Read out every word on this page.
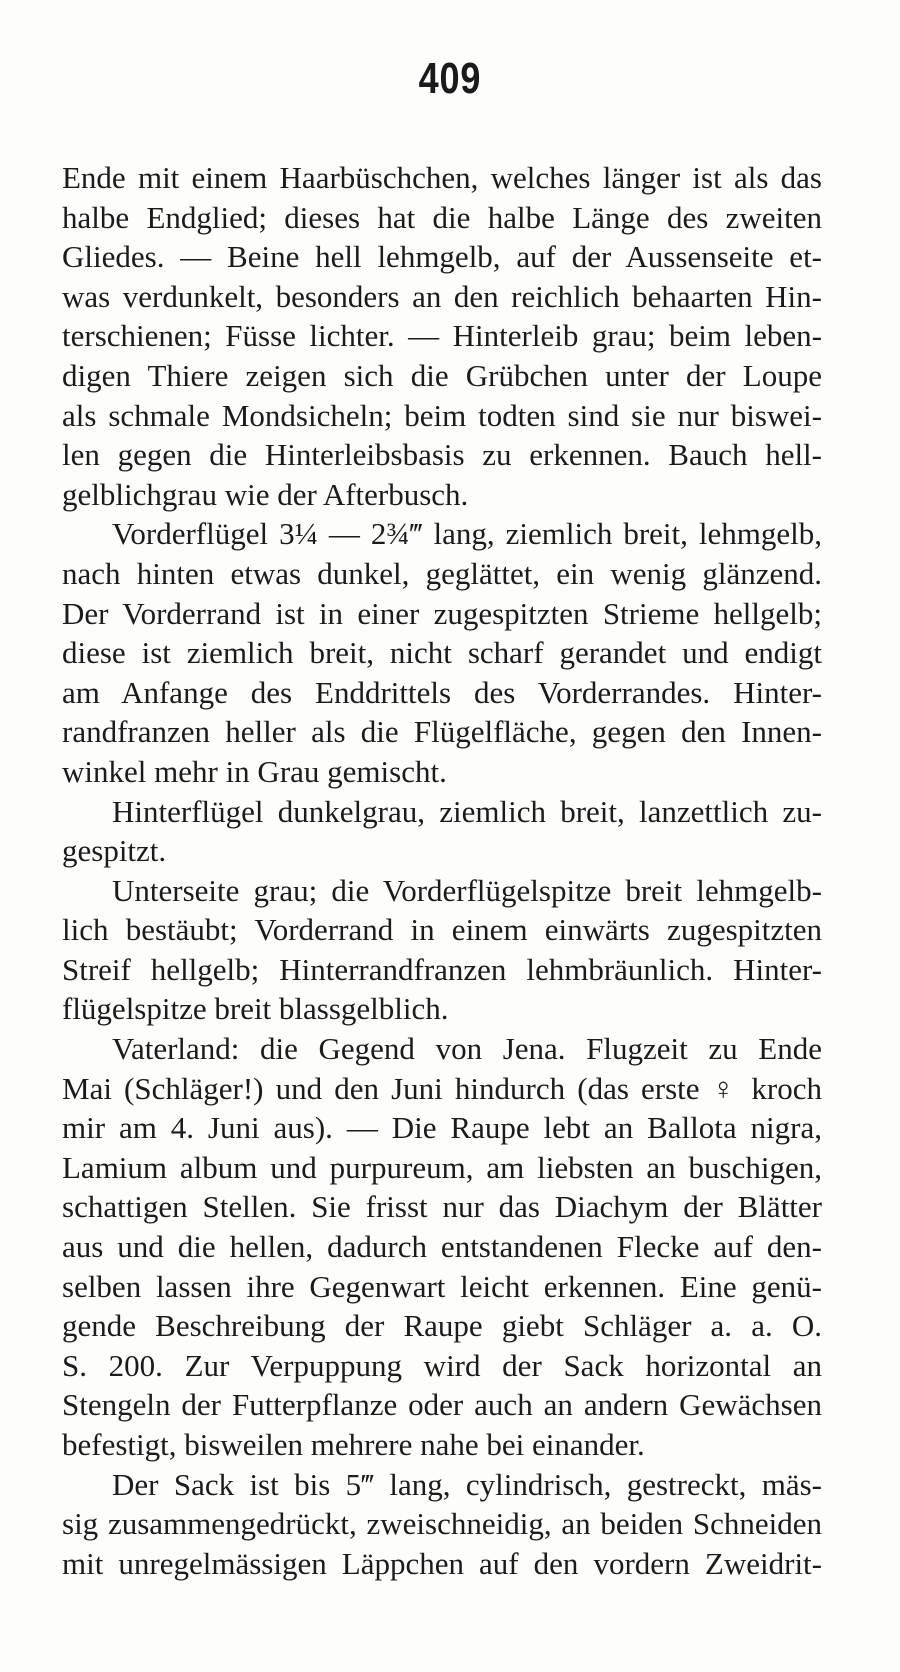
409
Ende mit einem Haarbüschchen, welches länger ist als das
halbe Endglied; dieses hat die halbe Länge des zweiten
Gliedes. — Beine hell lehmgelb, auf der Aussenseite et-
was verdunkelt, besonders an den reichlich behaarten Hin-
terschienen; Füsse lichter. — Hinterleib grau; beim leben-
digen Thiere zeigen sich die Grübchen unter der Loupe
als schmale Mondsicheln; beim todten sind sie nur biswei-
len gegen die Hinterleibsbasis zu erkennen. Bauch hell-
gelblichgrau wie der Afterbusch.
Vorderflügel 3¼ — 2¾‴ lang, ziemlich breit, lehmgelb,
nach hinten etwas dunkel, geglättet, ein wenig glänzend.
Der Vorderrand ist in einer zugespitzten Strieme hellgelb;
diese ist ziemlich breit, nicht scharf gerandet und endigt
am Anfange des Enddrittels des Vorderrandes. Hinter-
randfranzen heller als die Flügelfläche, gegen den Innen-
winkel mehr in Grau gemischt.
Hinterflügel dunkelgrau, ziemlich breit, lanzettlich zu-
gespitzt.
Unterseite grau; die Vorderflügelspitze breit lehmgelb-
lich bestäubt; Vorderrand in einem einwärts zugespitzten
Streif hellgelb; Hinterrandfranzen lehmbräunlich. Hinter-
flügelspitze breit blassgelblich.
Vaterland: die Gegend von Jena. Flugzeit zu Ende
Mai (Schläger!) und den Juni hindurch (das erste ♀ kroch
mir am 4. Juni aus). — Die Raupe lebt an Ballota nigra,
Lamium album und purpureum, am liebsten an buschigen,
schattigen Stellen. Sie frisst nur das Diachym der Blätter
aus und die hellen, dadurch entstandenen Flecke auf den-
selben lassen ihre Gegenwart leicht erkennen. Eine genü-
gende Beschreibung der Raupe giebt Schläger a. a. O.
S. 200. Zur Verpuppung wird der Sack horizontal an
Stengeln der Futterpflanze oder auch an andern Gewächsen
befestigt, bisweilen mehrere nahe bei einander.
Der Sack ist bis 5‴ lang, cylindrisch, gestreckt, mäs-
sig zusammengedrückt, zweischneidig, an beiden Schneiden
mit unregelmässigen Läppchen auf den vordern Zweidrit-
